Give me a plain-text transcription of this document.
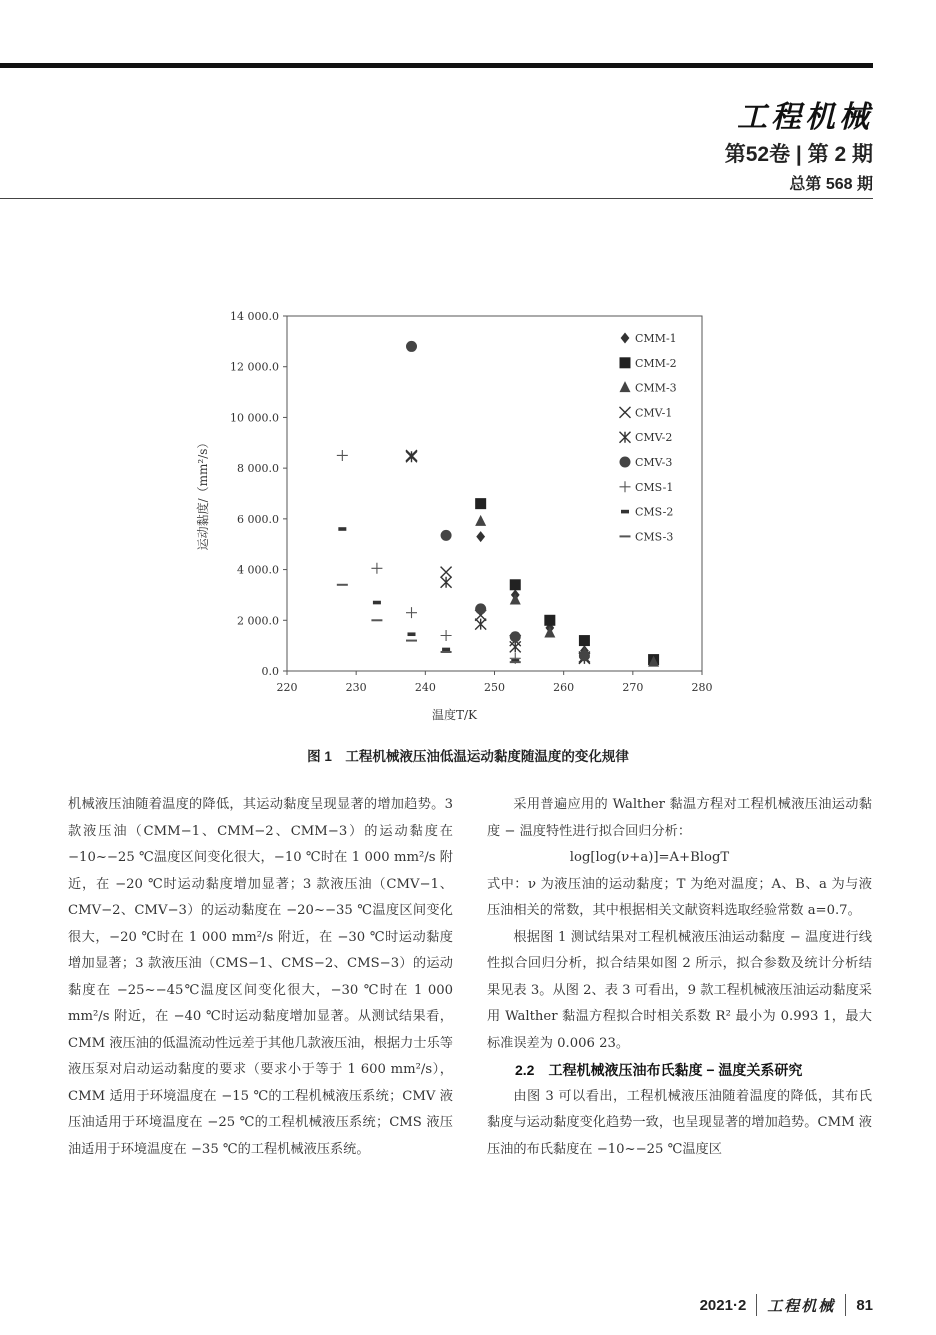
工程机械
第52卷 | 第 2 期
总第 568 期
220	230	240	250	260	270	280
0.0
2 000.0
4 000.0
6 000.0
8 000.0
10 000.0
12 000.0
14 000.0
温度T/K
运动黏度/（mm²/s）
CMM-1
CMM-2
CMM-3
CMV-1
CMV-2
CMV-3
CMS-1
CMS-2
CMS-3
图 1　工程机械液压油低温运动黏度随温度的变化规律

机械液压油随着温度的降低，其运动黏度呈现显著的增加趋势。3 款液压油（CMM−1、CMM−2、CMM−3）的运动黏度在 −10~−25 ℃温度区间变化很大，−10 ℃时在 1 000 mm²/s 附近，在 −20 ℃时运动黏度增加显著；3 款液压油（CMV−1、CMV−2、CMV−3）的运动黏度在 −20~−35 ℃温度区间变化很大，−20 ℃时在 1 000 mm²/s 附近，在 −30 ℃时运动黏度增加显著；3 款液压油（CMS−1、CMS−2、CMS−3）的运动黏度在 −25~−45℃温度区间变化很大，−30 ℃时在 1 000 mm²/s 附近，在 −40 ℃时运动黏度增加显著。从测试结果看，CMM 液压油的低温流动性远差于其他几款液压油，根据力士乐等液压泵对启动运动黏度的要求（要求小于等于 1 600 mm²/s），CMM 适用于环境温度在 −15 ℃的工程机械液压系统；CMV 液压油适用于环境温度在 −25 ℃的工程机械液压系统；CMS 液压油适用于环境温度在 −35 ℃的工程机械液压系统。

采用普遍应用的 Walther 黏温方程对工程机械液压油运动黏度 − 温度特性进行拟合回归分析：

log[log(ν+a)]=A+BlogT

式中：ν 为液压油的运动黏度；T 为绝对温度；A、B、a 为与液压油相关的常数，其中根据相关文献资料选取经验常数 a=0.7。

根据图 1 测试结果对工程机械液压油运动黏度 − 温度进行线性拟合回归分析，拟合结果如图 2 所示，拟合参数及统计分析结果见表 3。从图 2、表 3 可看出，9 款工程机械液压油运动黏度采用 Walther 黏温方程拟合时相关系数 R² 最小为 0.993 1，最大标准误差为 0.006 23。

2.2　工程机械液压油布氏黏度 − 温度关系研究

由图 3 可以看出，工程机械液压油随着温度的降低，其布氏黏度与运动黏度变化趋势一致，也呈现显著的增加趋势。CMM 液压油的布氏黏度在 −10~−25 ℃温度区

2021·2 工程机械 81
